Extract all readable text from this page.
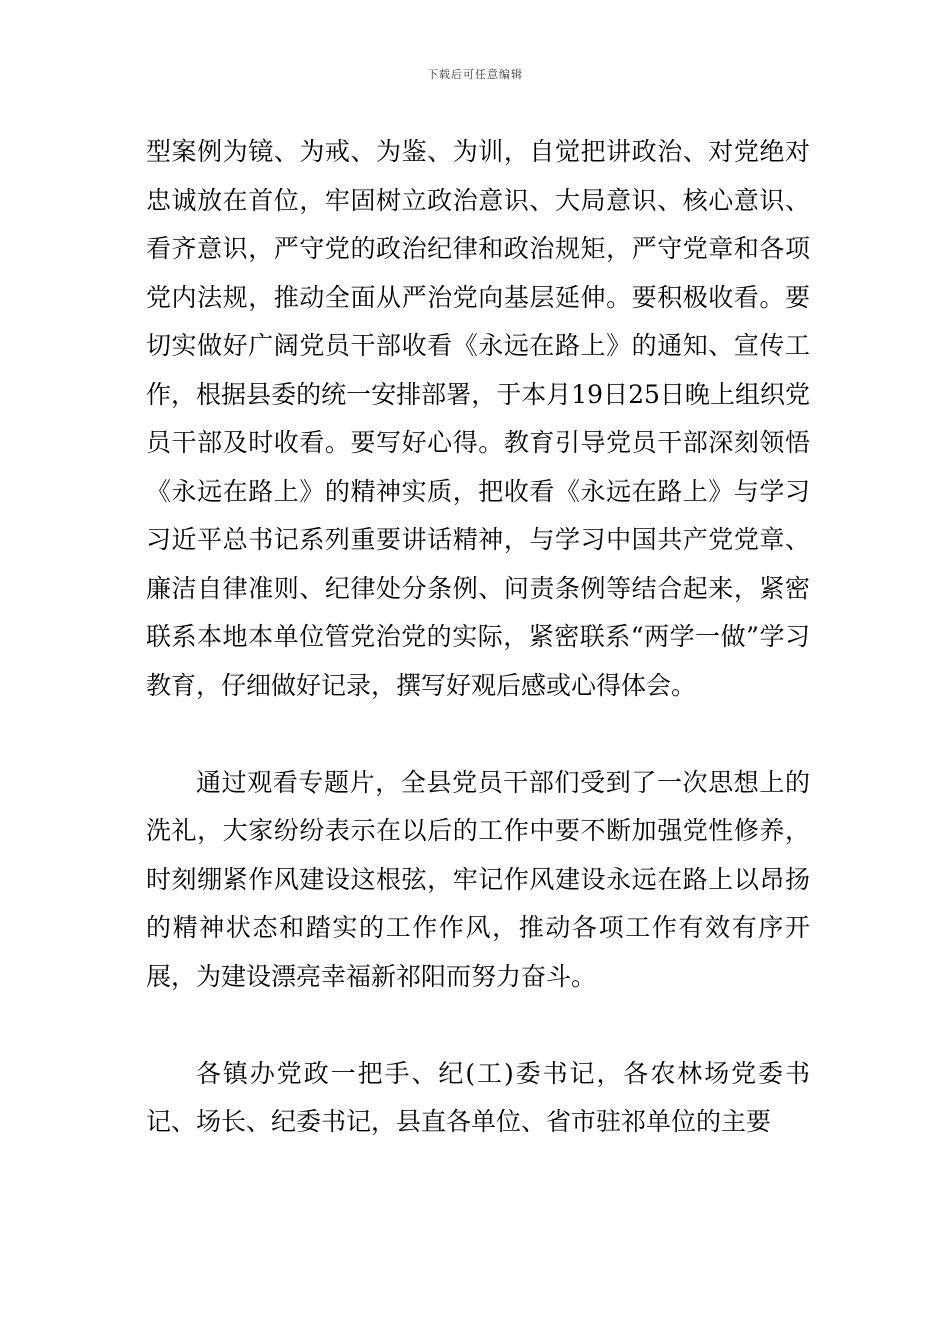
下载后可任意编辑

型案例为镜、为戒、为鉴、为训，自觉把讲政治、对党绝对忠诚放在首位，牢固树立政治意识、大局意识、核心意识、看齐意识，严守党的政治纪律和政治规矩，严守党章和各项党内法规，推动全面从严治党向基层延伸。要积极收看。要切实做好广阔党员干部收看《永远在路上》的通知、宣传工作，根据县委的统一安排部署，于本月19日25日晚上组织党员干部及时收看。要写好心得。教育引导党员干部深刻领悟《永远在路上》的精神实质，把收看《永远在路上》与学习习近平总书记系列重要讲话精神，与学习中国共产党党章、廉洁自律准则、纪律处分条例、问责条例等结合起来，紧密联系本地本单位管党治党的实际，紧密联系“两学一做”学习教育，仔细做好记录，撰写好观后感或心得体会。

通过观看专题片，全县党员干部们受到了一次思想上的洗礼，大家纷纷表示在以后的工作中要不断加强党性修养，时刻绷紧作风建设这根弦，牢记作风建设永远在路上以昂扬的精神状态和踏实的工作作风，推动各项工作有效有序开展，为建设漂亮幸福新祁阳而努力奋斗。

各镇办党政一把手、纪(工)委书记，各农林场党委书记、场长、纪委书记，县直各单位、省市驻祁单位的主要
